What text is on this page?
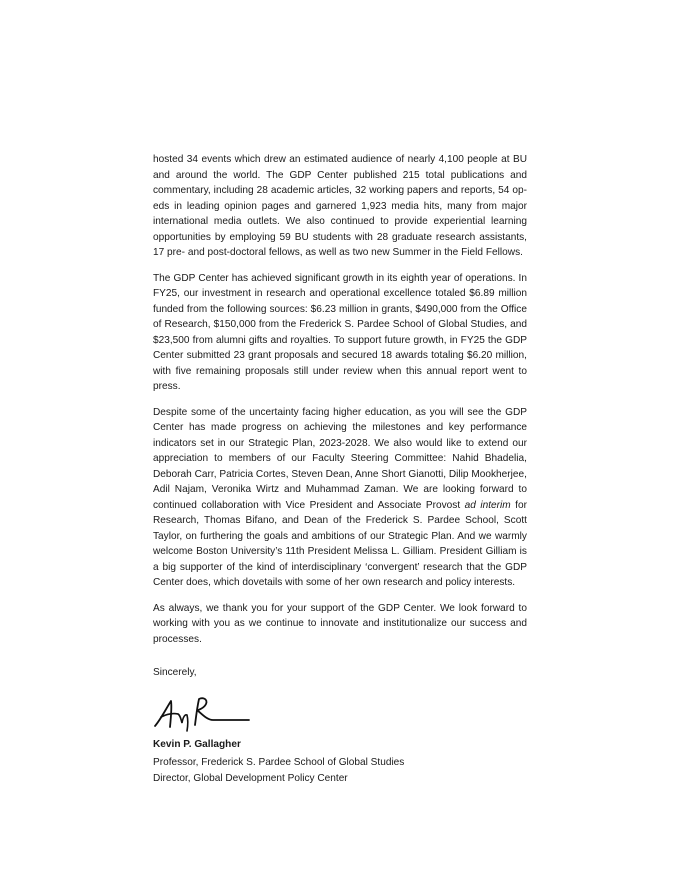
hosted 34 events which drew an estimated audience of nearly 4,100 people at BU and around the world. The GDP Center published 215 total publications and commentary, including 28 academic articles, 32 working papers and reports, 54 op-eds in leading opinion pages and garnered 1,923 media hits, many from major international media outlets. We also continued to provide experiential learning opportunities by employing 59 BU students with 28 graduate research assistants, 17 pre- and post-doctoral fellows, as well as two new Summer in the Field Fellows.

The GDP Center has achieved significant growth in its eighth year of operations. In FY25, our investment in research and operational excellence totaled $6.89 million funded from the following sources: $6.23 million in grants, $490,000 from the Office of Research, $150,000 from the Frederick S. Pardee School of Global Studies, and $23,500 from alumni gifts and royalties. To support future growth, in FY25 the GDP Center submitted 23 grant proposals and secured 18 awards totaling $6.20 million, with five remaining proposals still under review when this annual report went to press.

Despite some of the uncertainty facing higher education, as you will see the GDP Center has made progress on achieving the milestones and key performance indicators set in our Strategic Plan, 2023-2028. We also would like to extend our appreciation to members of our Faculty Steering Committee: Nahid Bhadelia, Deborah Carr, Patricia Cortes, Steven Dean, Anne Short Gianotti, Dilip Mookherjee, Adil Najam, Veronika Wirtz and Muhammad Zaman. We are looking forward to continued collaboration with Vice President and Associate Provost ad interim for Research, Thomas Bifano, and Dean of the Frederick S. Pardee School, Scott Taylor, on furthering the goals and ambitions of our Strategic Plan. And we warmly welcome Boston University’s 11th President Melissa L. Gilliam. President Gilliam is a big supporter of the kind of interdisciplinary ‘convergent’ research that the GDP Center does, which dovetails with some of her own research and policy interests.

As always, we thank you for your support of the GDP Center. We look forward to working with you as we continue to innovate and institutionalize our success and processes.

Sincerely,

Kevin P. Gallagher

Professor, Frederick S. Pardee School of Global Studies

Director, Global Development Policy Center
